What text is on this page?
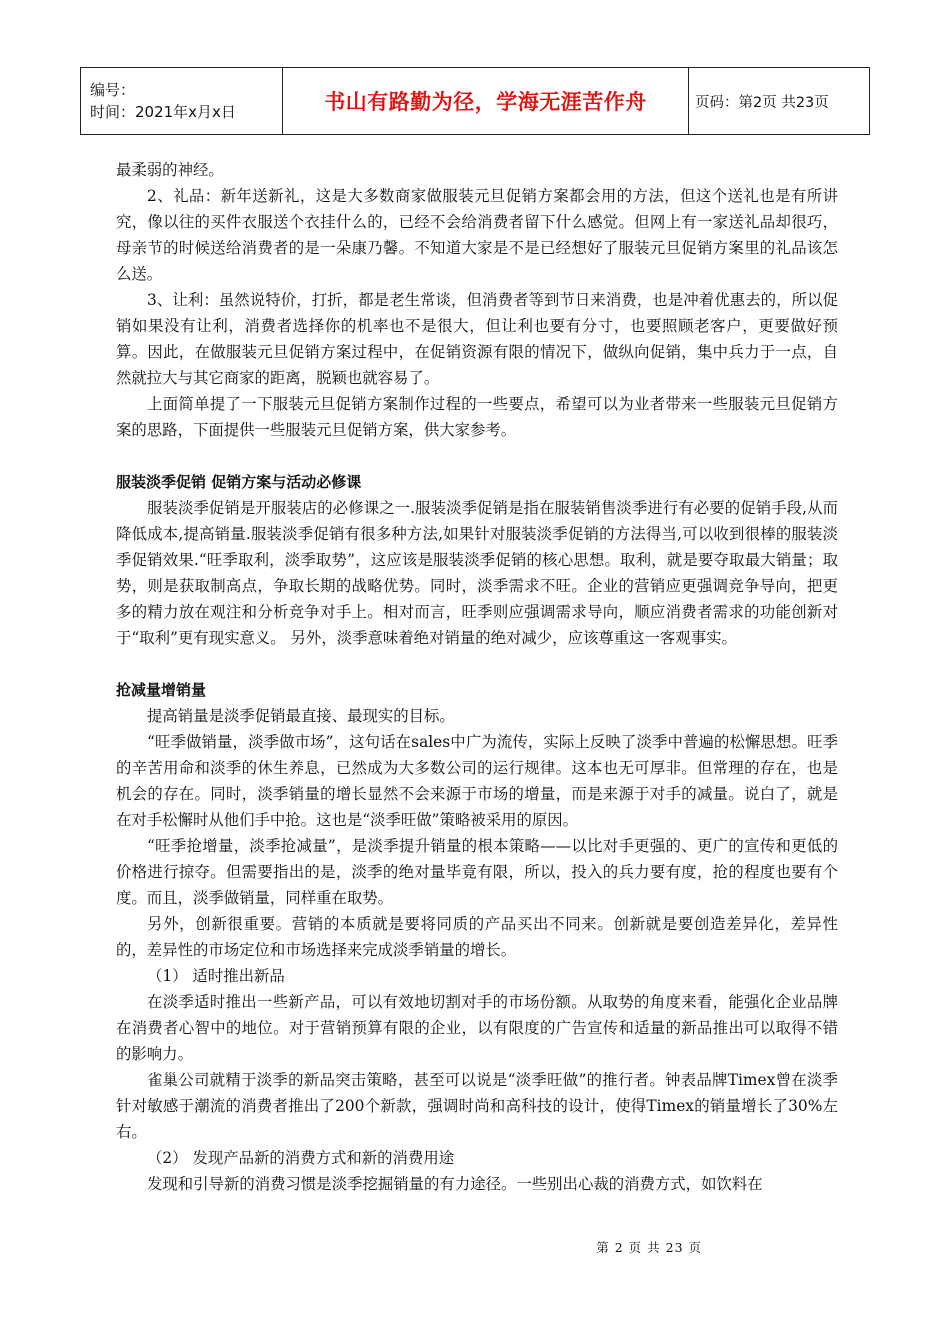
编号：
时间：2021年x月x日	书山有路勤为径，学海无涯苦作舟	页码：第2页 共23页

最柔弱的神经。

2、礼品：新年送新礼，这是大多数商家做服装元旦促销方案都会用的方法，但这个送礼也是有所讲究，像以往的买件衣服送个衣挂什么的，已经不会给消费者留下什么感觉。但网上有一家送礼品却很巧，母亲节的时候送给消费者的是一朵康乃馨。不知道大家是不是已经想好了服装元旦促销方案里的礼品该怎么送。

3、让利：虽然说特价，打折，都是老生常谈，但消费者等到节日来消费，也是冲着优惠去的，所以促销如果没有让利，消费者选择你的机率也不是很大，但让利也要有分寸，也要照顾老客户，更要做好预算。因此，在做服装元旦促销方案过程中，在促销资源有限的情况下，做纵向促销，集中兵力于一点，自然就拉大与其它商家的距离，脱颖也就容易了。

上面简单提了一下服装元旦促销方案制作过程的一些要点，希望可以为业者带来一些服装元旦促销方案的思路，下面提供一些服装元旦促销方案，供大家参考。

服装淡季促销 促销方案与活动必修课

服装淡季促销是开服装店的必修课之一.服装淡季促销是指在服装销售淡季进行有必要的促销手段,从而降低成本,提高销量.服装淡季促销有很多种方法,如果针对服装淡季促销的方法得当,可以收到很棒的服装淡季促销效果.“旺季取利，淡季取势”，这应该是服装淡季促销的核心思想。取利，就是要夺取最大销量；取势，则是获取制高点，争取长期的战略优势。同时，淡季需求不旺。企业的营销应更强调竞争导向，把更多的精力放在观注和分析竞争对手上。相对而言，旺季则应强调需求导向，顺应消费者需求的功能创新对于“取利”更有现实意义。 另外，淡季意味着绝对销量的绝对减少，应该尊重这一客观事实。

抢减量增销量

提高销量是淡季促销最直接、最现实的目标。

“旺季做销量，淡季做市场”，这句话在sales中广为流传，实际上反映了淡季中普遍的松懈思想。旺季的辛苦用命和淡季的休生养息，已然成为大多数公司的运行规律。这本也无可厚非。但常理的存在，也是机会的存在。同时，淡季销量的增长显然不会来源于市场的增量，而是来源于对手的减量。说白了，就是在对手松懈时从他们手中抢。这也是“淡季旺做”策略被采用的原因。

“旺季抢增量，淡季抢减量”，是淡季提升销量的根本策略——以比对手更强的、更广的宣传和更低的价格进行掠夺。但需要指出的是，淡季的绝对量毕竟有限，所以，投入的兵力要有度，抢的程度也要有个度。而且，淡季做销量，同样重在取势。

另外，创新很重要。营销的本质就是要将同质的产品买出不同来。创新就是要创造差异化，差异性的，差异性的市场定位和市场选择来完成淡季销量的增长。

（1） 适时推出新品

在淡季适时推出一些新产品，可以有效地切割对手的市场份额。从取势的角度来看，能强化企业品牌在消费者心智中的地位。对于营销预算有限的企业，以有限度的广告宣传和适量的新品推出可以取得不错的影响力。

雀巢公司就精于淡季的新品突击策略，甚至可以说是“淡季旺做”的推行者。钟表品牌Timex曾在淡季针对敏感于潮流的消费者推出了200个新款，强调时尚和高科技的设计，使得Timex的销量增长了30%左右。

（2） 发现产品新的消费方式和新的消费用途

发现和引导新的消费习惯是淡季挖掘销量的有力途径。一些别出心裁的消费方式，如饮料在

第 2 页 共 23 页
